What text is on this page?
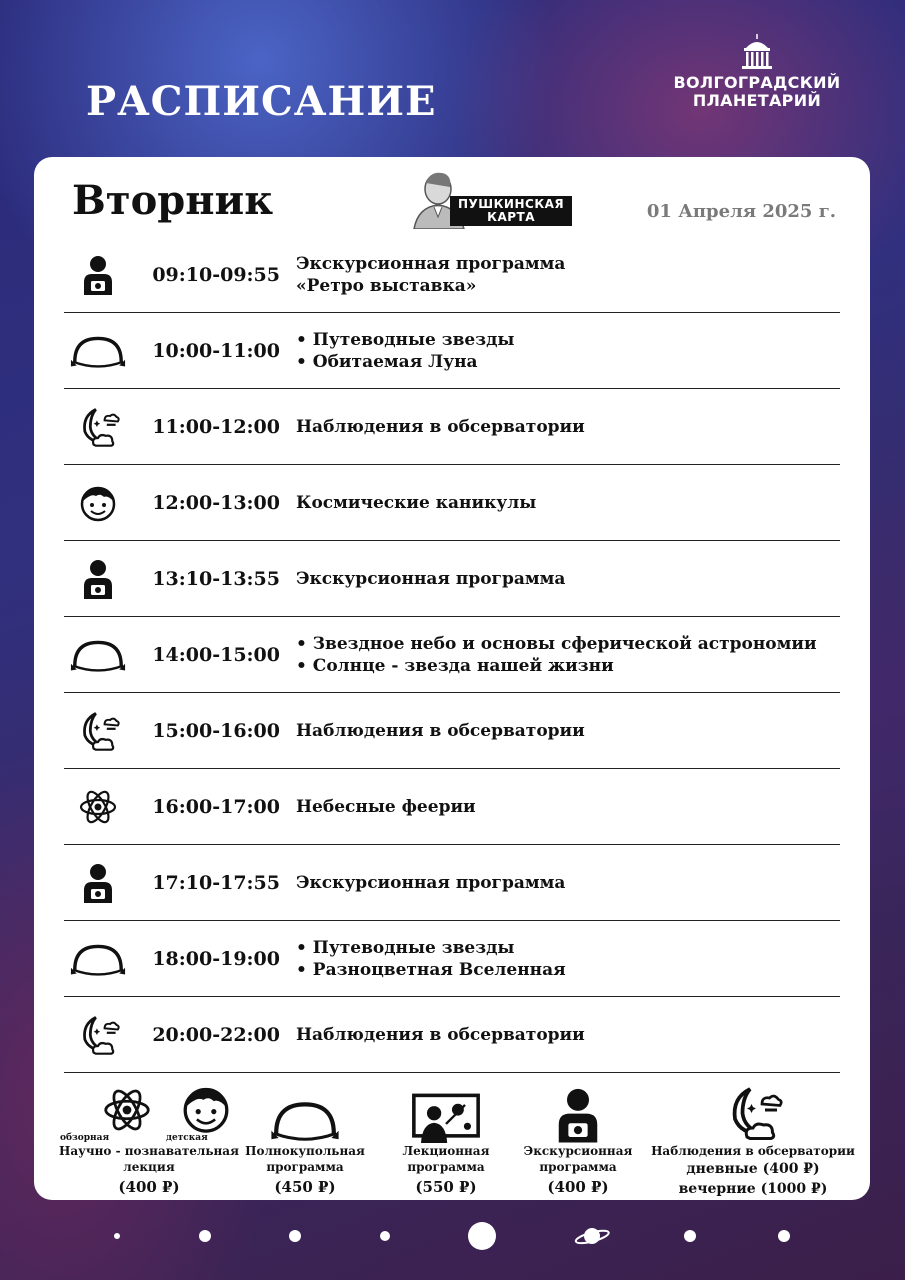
РАСПИСАНИЕ	ВОЛГОГРАДСКИЙ
ПЛАНЕТАРИЙ
Вторник	ПУШКИНСКАЯ
КАРТА	01 Апреля 2025 г.
09:10-09:55 Экскурсионная программа
«Ретро выставка»
10:00-11:00 • Путеводные звезды
• Обитаемая Луна
11:00-12:00 Наблюдения в обсерватории
12:00-13:00 Космические каникулы
13:10-13:55 Экскурсионная программа
14:00-15:00 • Звездное небо и основы сферической астрономии
• Солнце - звезда нашей жизни
15:00-16:00 Наблюдения в обсерватории
16:00-17:00 Небесные феерии
17:10-17:55 Экскурсионная программа
18:00-19:00 • Путеводные звезды
• Разноцветная Вселенная
20:00-22:00 Наблюдения в обсерватории
обзорная	детская
Научно - познавательная
лекция
(400 ₽)
Полнокупольная
программа
(450 ₽)
Лекционная
программа
(550 ₽)
Экскурсионная
программа
(400 ₽)
Наблюдения в обсерватории
дневные (400 ₽)
вечерние (1000 ₽)
